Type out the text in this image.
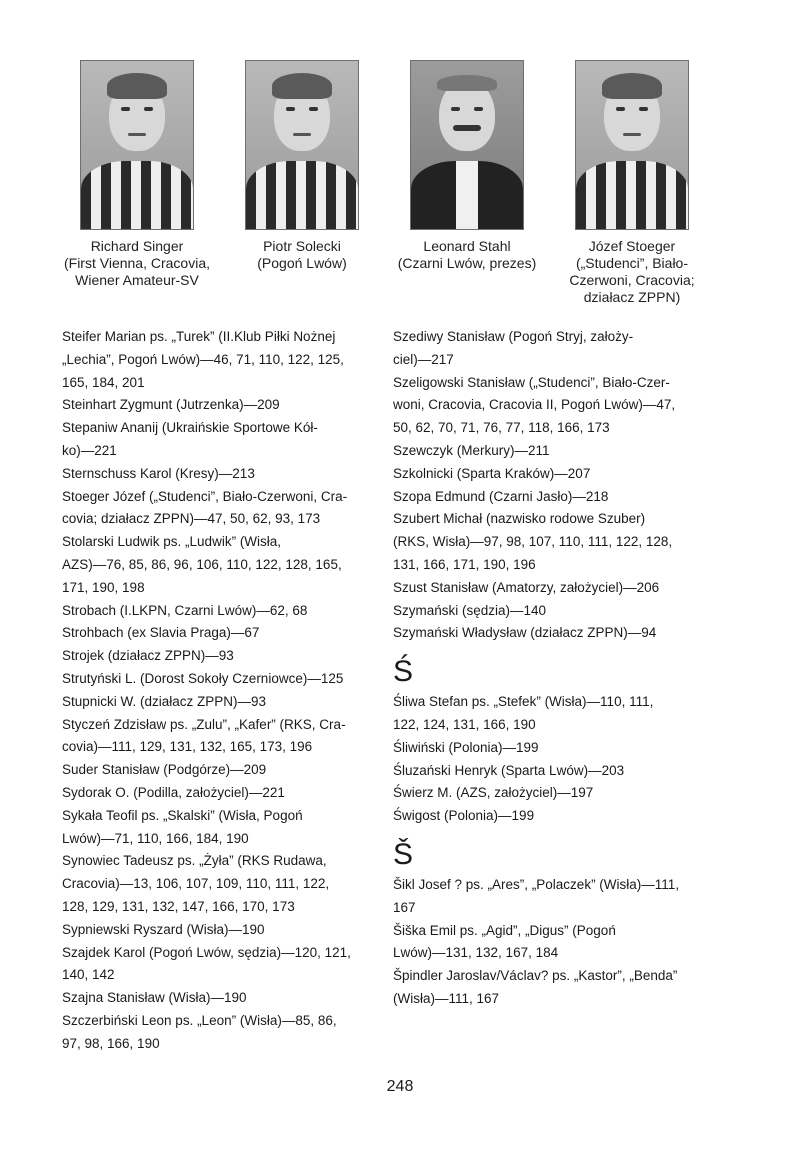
Richard Singer
(First Vienna, Cracovia,
Wiener Amateur-SV
Piotr Solecki
(Pogoń Lwów)
Leonard Stahl
(Czarni Lwów, prezes)
Józef Stoeger
(„Studenci”, Biało-
Czerwoni, Cracovia;
działacz ZPPN)

Steifer Marian ps. „Turek” (II.Klub Piłki Nożnej
„Lechia”, Pogoń Lwów)—46, 71, 110, 122, 125,
165, 184, 201

Steinhart Zygmunt (Jutrzenka)—209

Stepaniw Ananij (Ukraińskie Sportowe Kół-
ko)—221

Sternschuss Karol (Kresy)—213

Stoeger Józef („Studenci”, Biało-Czerwoni, Cra-
covia; działacz ZPPN)—47, 50, 62, 93, 173

Stolarski Ludwik ps. „Ludwik” (Wisła,
AZS)—76, 85, 86, 96, 106, 110, 122, 128, 165,
171, 190, 198

Strobach (I.LKPN, Czarni Lwów)—62, 68

Strohbach (ex Slavia Praga)—67

Strojek (działacz ZPPN)—93

Strutyński L. (Dorost Sokoły Czerniowce)—125

Stupnicki W. (działacz ZPPN)—93

Styczeń Zdzisław ps. „Zulu”, „Kafer” (RKS, Cra-
covia)—111, 129, 131, 132, 165, 173, 196

Suder Stanisław (Podgórze)—209

Sydorak O. (Podilla, założyciel)—221

Sykała Teofil ps. „Skalski” (Wisła, Pogoń
Lwów)—71, 110, 166, 184, 190

Synowiec Tadeusz ps. „Żyła” (RKS Rudawa,
Cracovia)—13, 106, 107, 109, 110, 111, 122,
128, 129, 131, 132, 147, 166, 170, 173

Sypniewski Ryszard (Wisła)—190

Szajdek Karol (Pogoń Lwów, sędzia)—120, 121,
140, 142

Szajna Stanisław (Wisła)—190

Szczerbiński Leon ps. „Leon” (Wisła)—85, 86,
97, 98, 166, 190

Szediwy Stanisław (Pogoń Stryj, założy-
ciel)—217

Szeligowski Stanisław („Studenci”, Biało-Czer-
woni, Cracovia, Cracovia II, Pogoń Lwów)—47,
50, 62, 70, 71, 76, 77, 118, 166, 173

Szewczyk (Merkury)—211

Szkolnicki (Sparta Kraków)—207

Szopa Edmund (Czarni Jasło)—218

Szubert Michał (nazwisko rodowe Szuber)
(RKS, Wisła)—97, 98, 107, 110, 111, 122, 128,
131, 166, 171, 190, 196

Szust Stanisław (Amatorzy, założyciel)—206

Szymański (sędzia)—140

Szymański Władysław (działacz ZPPN)—94

Ś

Śliwa Stefan ps. „Stefek” (Wisła)—110, 111,
122, 124, 131, 166, 190

Śliwiński (Polonia)—199

Śluzański Henryk (Sparta Lwów)—203

Świerz M. (AZS, założyciel)—197

Świgost (Polonia)—199

Š

Šikl Josef ? ps. „Ares”, „Polaczek” (Wisła)—111,
167

Šiška Emil ps. „Agid”, „Digus” (Pogoń
Lwów)—131, 132, 167, 184

Špindler Jaroslav/Václav? ps. „Kastor”, „Benda”
(Wisła)—111, 167

248
